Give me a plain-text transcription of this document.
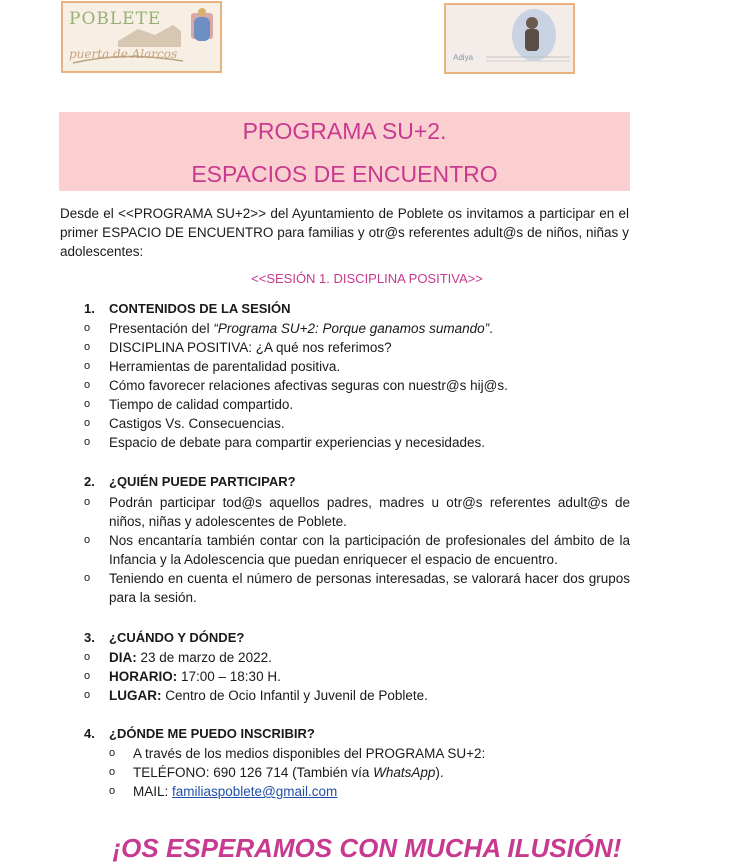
POBLETE
puerta de Alarcos	Adiya
PROGRAMA SU+2.
ESPACIOS DE ENCUENTRO

Desde el <<PROGRAMA SU+2>> del Ayuntamiento de Poblete os invitamos a participar en el primer ESPACIO DE ENCUENTRO para familias y otr@s referentes adult@s de niños, niñas y adolescentes:

<<SESIÓN 1. DISCIPLINA POSITIVA>>
1. CONTENIDOS DE LA SESIÓN
o	Presentación del “Programa SU+2: Porque ganamos sumando”.
o	DISCIPLINA POSITIVA: ¿A qué nos referimos?
o	Herramientas de parentalidad positiva.
o	Cómo favorecer relaciones afectivas seguras con nuestr@s hij@s.
o	Tiempo de calidad compartido.
o	Castigos Vs. Consecuencias.
o	Espacio de debate para compartir experiencias y necesidades.
2. ¿QUIÉN PUEDE PARTICIPAR?
o	Podrán participar tod@s aquellos padres, madres u otr@s referentes adult@s de niños, niñas y adolescentes de Poblete.
o	Nos encantaría también contar con la participación de profesionales del ámbito de la Infancia y la Adolescencia que puedan enriquecer el espacio de encuentro.
o	Teniendo en cuenta el número de personas interesadas, se valorará hacer dos grupos para la sesión.
3. ¿CUÁNDO Y DÓNDE?
o	DIA: 23 de marzo de 2022.
o	HORARIO: 17:00 – 18:30 H.
o	LUGAR: Centro de Ocio Infantil y Juvenil de Poblete.
4. ¿DÓNDE ME PUEDO INSCRIBIR?
o	A través de los medios disponibles del PROGRAMA SU+2:
o	TELÉFONO: 690 126 714 (También vía WhatsApp).
o	MAIL: familiaspoblete@gmail.com
¡OS ESPERAMOS CON MUCHA ILUSIÓN!
